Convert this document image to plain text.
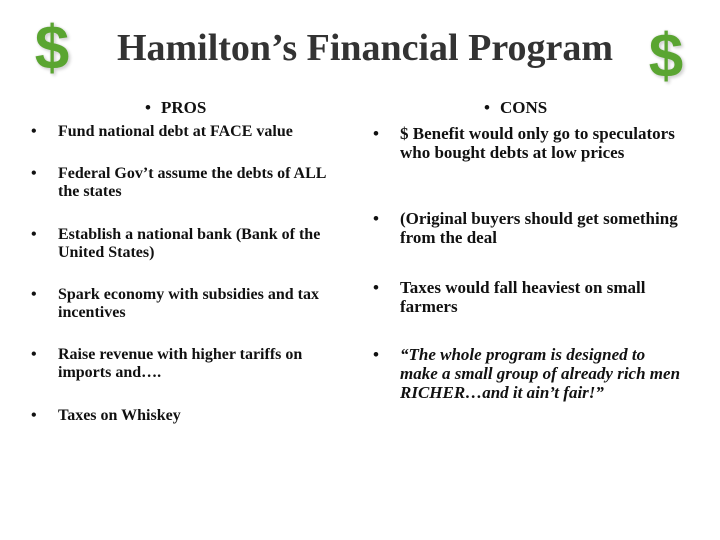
$	Hamilton’s Financial Program $
• PROS
• Fund national debt at FACE value
• Federal Gov’t assume the debts of ALL the states
• Establish a national bank (Bank of the United States)
• Spark economy with subsidies and tax incentives
• Raise revenue with higher tariffs on imports and….
• Taxes on Whiskey
• CONS
• $ Benefit would only go to speculators who bought debts at low prices
• (Original buyers should get something from the deal
• Taxes would fall heaviest on small farmers
• “The whole program is designed to make a small group of already rich men RICHER…and it ain’t fair!”
